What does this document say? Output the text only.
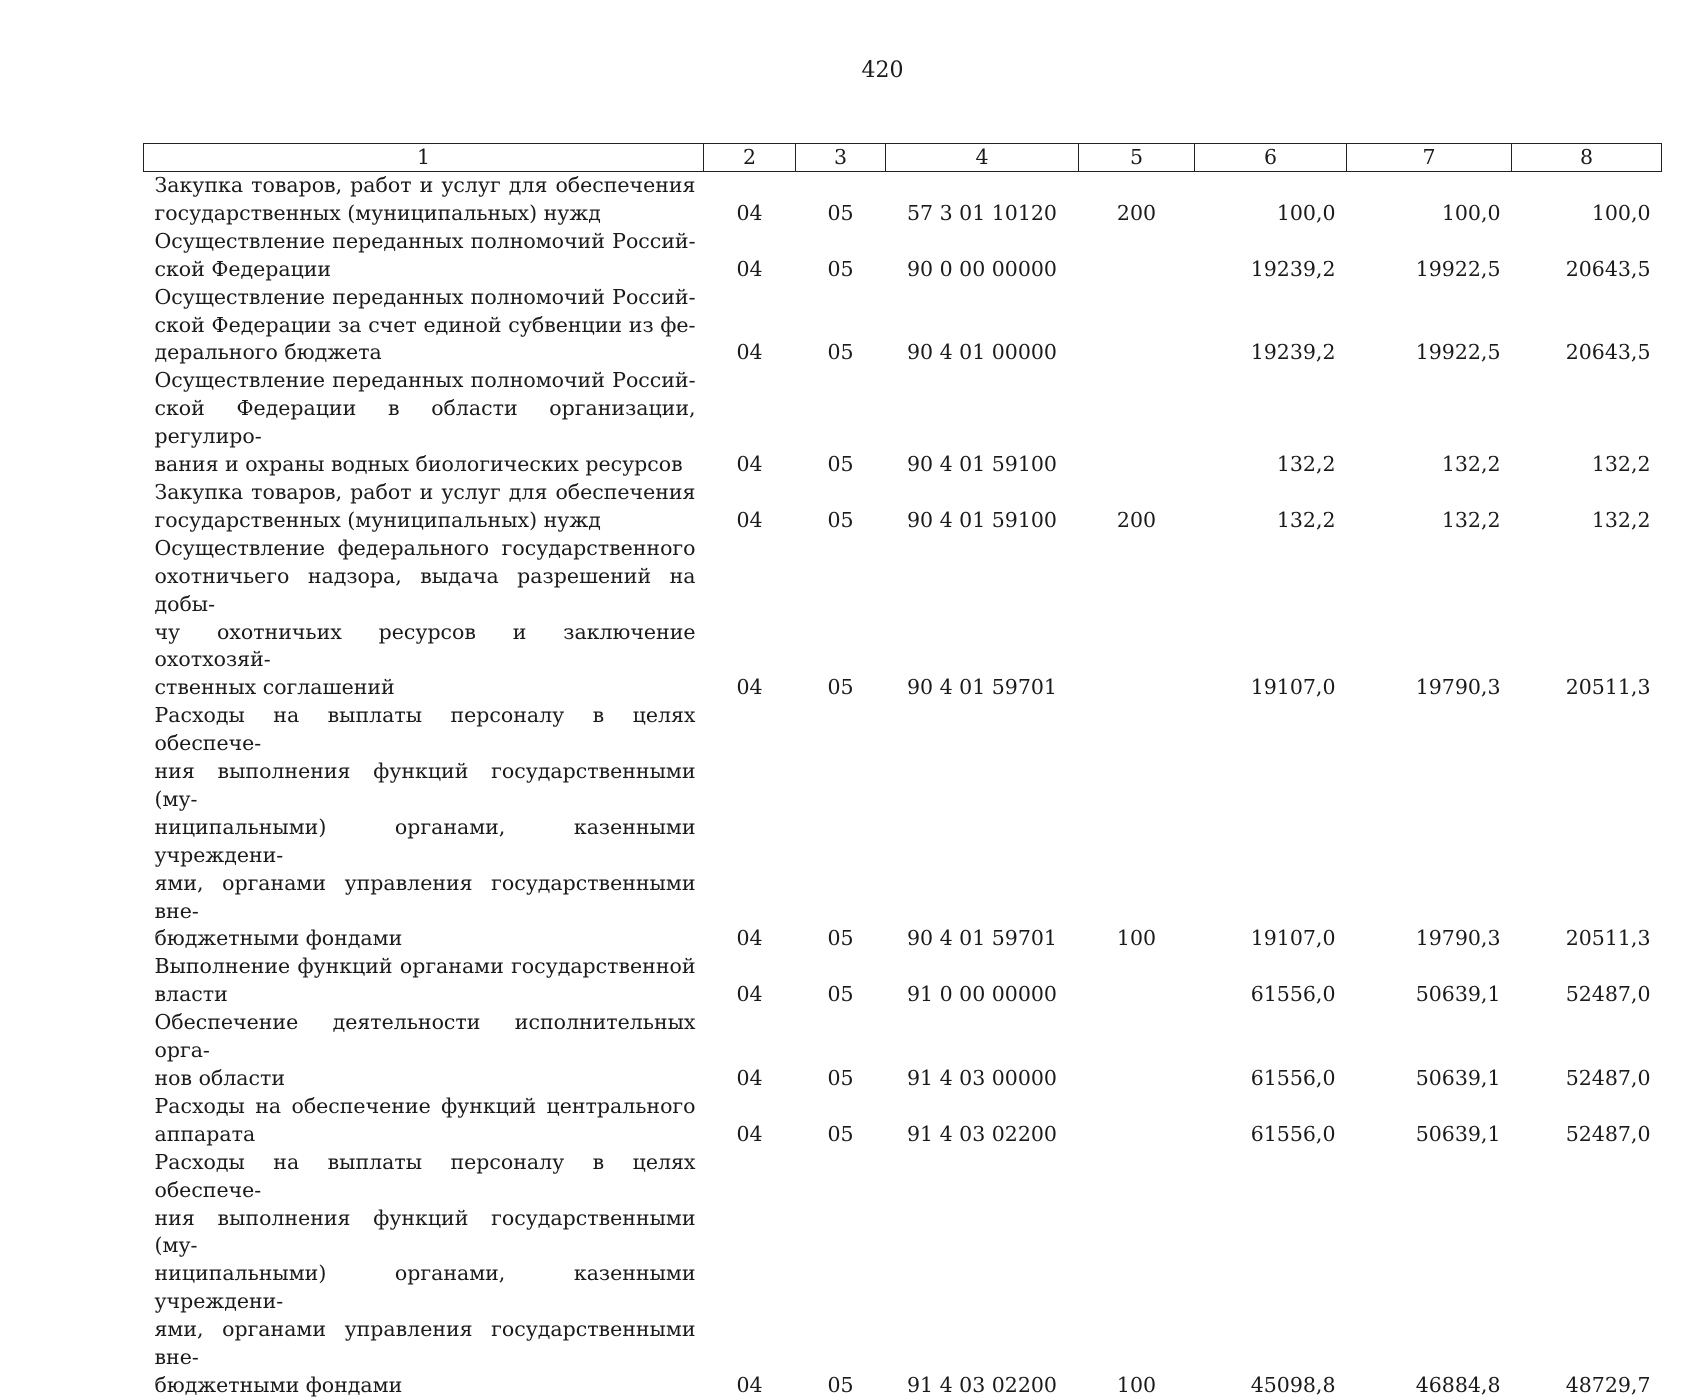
420
1	2	3	4	5	6	7	8

Закупка товаров, работ и услуг для обеспечения
государственных (муниципальных) нужд	04	05	57 3 01 10120	200	100,0	100,0	100,0

Осуществление переданных полномочий Россий-
ской Федерации	04	05	90 0 00 00000		19239,2	19922,5	20643,5

Осуществление переданных полномочий Россий-
ской Федерации за счет единой субвенции из фе-
дерального бюджета	04	05	90 4 01 00000		19239,2	19922,5	20643,5

Осуществление переданных полномочий Россий-
ской Федерации в области организации, регулиро-
вания и охраны водных биологических ресурсов	04	05	90 4 01 59100		132,2	132,2	132,2

Закупка товаров, работ и услуг для обеспечения
государственных (муниципальных) нужд	04	05	90 4 01 59100	200	132,2	132,2	132,2

Осуществление федерального государственного
охотничьего надзора, выдача разрешений на добы-
чу охотничьих ресурсов и заключение охотхозяй-
ственных соглашений	04	05	90 4 01 59701		19107,0	19790,3	20511,3

Расходы на выплаты персоналу в целях обеспече-
ния выполнения функций государственными (му-
ниципальными) органами, казенными учреждени-
ями, органами управления государственными вне-
бюджетными фондами	04	05	90 4 01 59701	100	19107,0	19790,3	20511,3

Выполнение функций органами государственной
власти	04	05	91 0 00 00000		61556,0	50639,1	52487,0

Обеспечение деятельности исполнительных орга-
нов области	04	05	91 4 03 00000		61556,0	50639,1	52487,0

Расходы на обеспечение функций центрального
аппарата	04	05	91 4 03 02200		61556,0	50639,1	52487,0

Расходы на выплаты персоналу в целях обеспече-
ния выполнения функций государственными (му-
ниципальными) органами, казенными учреждени-
ями, органами управления государственными вне-
бюджетными фондами	04	05	91 4 03 02200	100	45098,8	46884,8	48729,7
